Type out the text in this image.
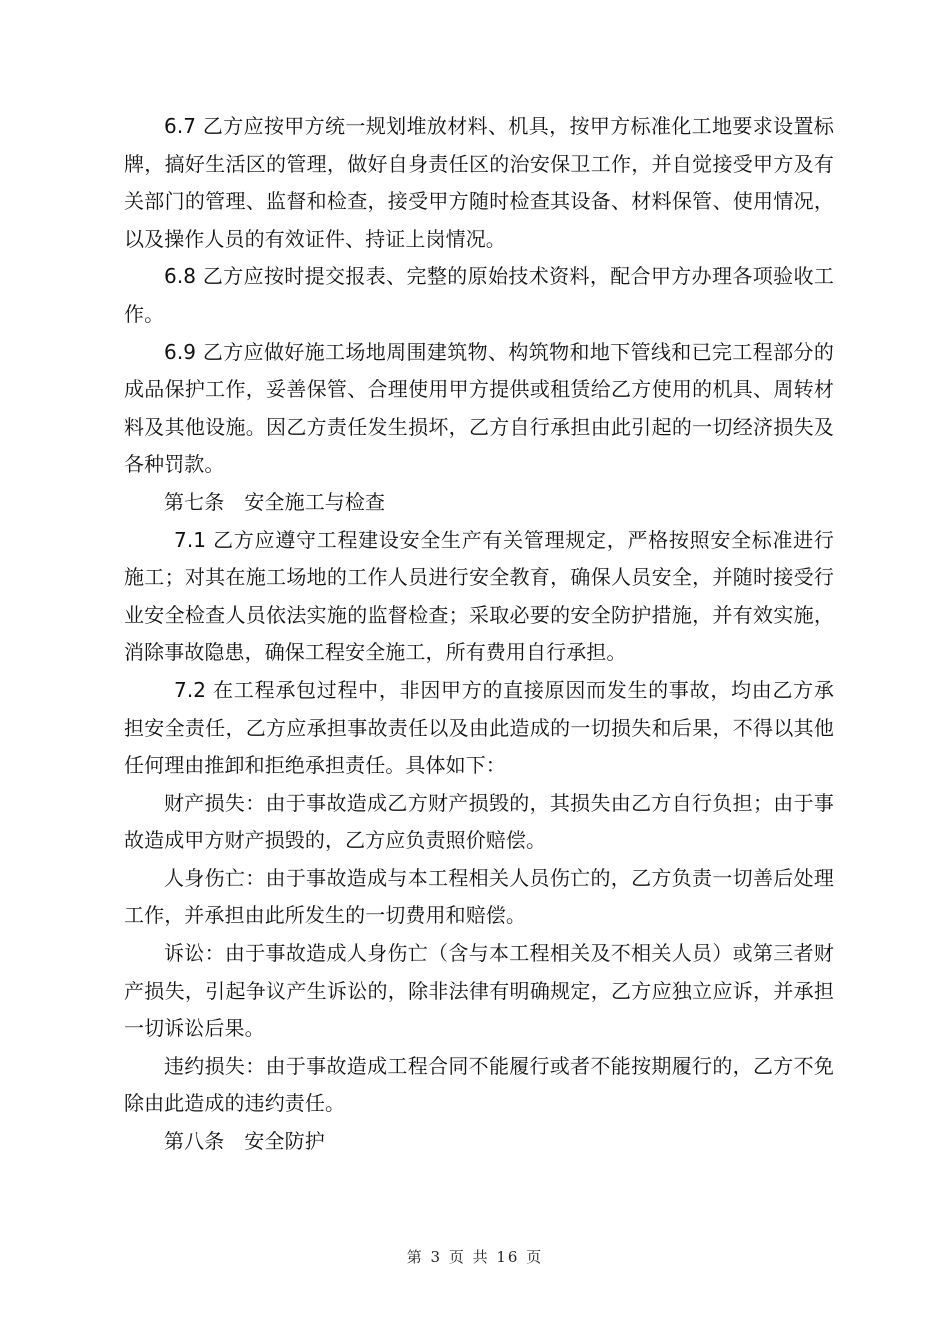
6.7 乙方应按甲方统一规划堆放材料、机具，按甲方标准化工地要求设置标牌，搞好生活区的管理，做好自身责任区的治安保卫工作，并自觉接受甲方及有关部门的管理、监督和检查，接受甲方随时检查其设备、材料保管、使用情况，以及操作人员的有效证件、持证上岗情况。

6.8 乙方应按时提交报表、完整的原始技术资料，配合甲方办理各项验收工作。

6.9 乙方应做好施工场地周围建筑物、构筑物和地下管线和已完工程部分的成品保护工作，妥善保管、合理使用甲方提供或租赁给乙方使用的机具、周转材料及其他设施。因乙方责任发生损坏，乙方自行承担由此引起的一切经济损失及各种罚款。

第七条　安全施工与检查

7.1 乙方应遵守工程建设安全生产有关管理规定，严格按照安全标准进行施工；对其在施工场地的工作人员进行安全教育，确保人员安全，并随时接受行业安全检查人员依法实施的监督检查；采取必要的安全防护措施，并有效实施，消除事故隐患，确保工程安全施工，所有费用自行承担。

7.2 在工程承包过程中，非因甲方的直接原因而发生的事故，均由乙方承担安全责任，乙方应承担事故责任以及由此造成的一切损失和后果，不得以其他任何理由推卸和拒绝承担责任。具体如下：

财产损失：由于事故造成乙方财产损毁的，其损失由乙方自行负担；由于事故造成甲方财产损毁的，乙方应负责照价赔偿。

人身伤亡：由于事故造成与本工程相关人员伤亡的，乙方负责一切善后处理工作，并承担由此所发生的一切费用和赔偿。

诉讼：由于事故造成人身伤亡（含与本工程相关及不相关人员）或第三者财产损失，引起争议产生诉讼的，除非法律有明确规定，乙方应独立应诉，并承担一切诉讼后果。

违约损失：由于事故造成工程合同不能履行或者不能按期履行的，乙方不免除由此造成的违约责任。

第八条　安全防护

第 3 页 共 16 页
